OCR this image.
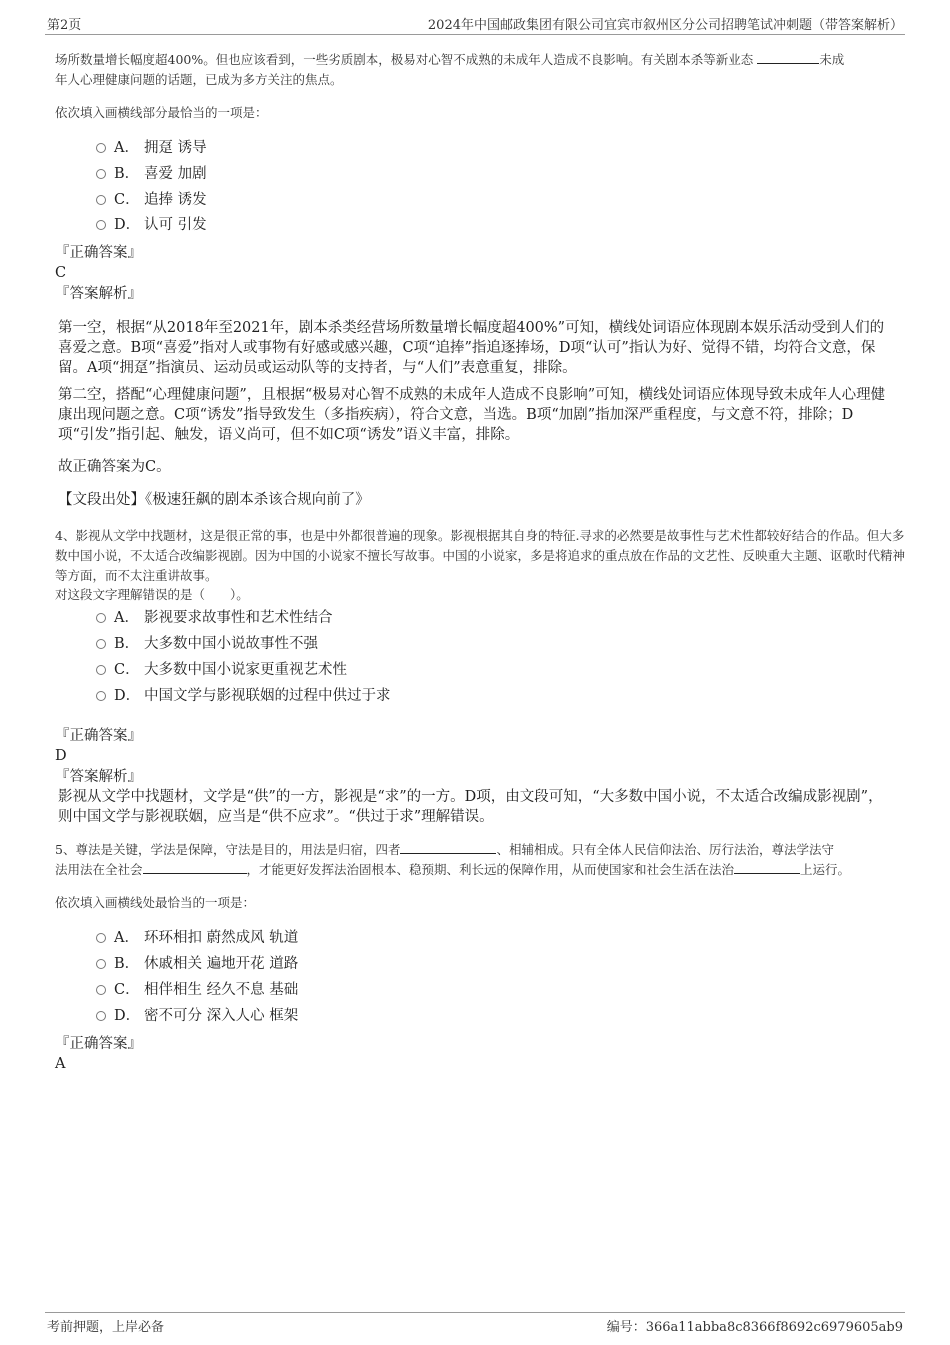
第2页	2024年中国邮政集团有限公司宜宾市叙州区分公司招聘笔试冲刺题（带答案解析）
场所数量增长幅度超400%。但也应该看到，一些劣质剧本，极易对心智不成熟的未成年人造成不良影响。有关剧本杀等新业态	未成
年人心理健康问题的话题，已成为多方关注的焦点。
依次填入画横线部分最恰当的一项是：
A． 拥趸 诱导
B． 喜爱 加剧
C． 追捧 诱发
D． 认可 引发
『正确答案』
C
『答案解析』
第一空，根据“从2018年至2021年，剧本杀类经营场所数量增长幅度超400%”可知，横线处词语应体现剧本娱乐活动受到人们的喜爱之意。B项“喜爱”指对人或事物有好感或感兴趣，C项“追捧”指追逐捧场，D项“认可”指认为好、觉得不错，均符合文意，保留。A项“拥趸”指演员、运动员或运动队等的支持者，与“人们”表意重复，排除。
第二空，搭配“心理健康问题”，且根据“极易对心智不成熟的未成年人造成不良影响”可知，横线处词语应体现导致未成年人心理健康出现问题之意。C项“诱发”指导致发生（多指疾病），符合文意，当选。B项“加剧”指加深严重程度，与文意不符，排除；D项“引发”指引起、触发，语义尚可，但不如C项“诱发”语义丰富，排除。
故正确答案为C。
【文段出处】《极速狂飙的剧本杀该合规向前了》
4、影视从文学中找题材，这是很正常的事，也是中外都很普遍的现象。影视根据其自身的特征.寻求的必然要是故事性与艺术性都较好结合的作品。但大多数中国小说，不太适合改编影视剧。因为中国的小说家不擅长写故事。中国的小说家，多是将追求的重点放在作品的文艺性、反映重大主题、讴歌时代精神等方面，而不太注重讲故事。
对这段文字理解错误的是（　　）。
A． 影视要求故事性和艺术性结合
B． 大多数中国小说故事性不强
C． 大多数中国小说家更重视艺术性
D． 中国文学与影视联姻的过程中供过于求
『正确答案』
D
『答案解析』
影视从文学中找题材，文学是“供”的一方，影视是“求”的一方。D项，由文段可知，“大多数中国小说，不太适合改编成影视剧”，则中国文学与影视联姻，应当是“供不应求”。“供过于求”理解错误。
5、尊法是关键，学法是保障，守法是目的，用法是归宿，四者	、相辅相成。只有全体人民信仰法治、厉行法治，尊法学法守
法用法在全社会	，才能更好发挥法治固根本、稳预期、利长远的保障作用，从而使国家和社会生活在法治	上运行。
依次填入画横线处最恰当的一项是：
A． 环环相扣 蔚然成风 轨道
B． 休戚相关 遍地开花 道路
C． 相伴相生 经久不息 基础
D． 密不可分 深入人心 框架
『正确答案』
A
考前押题，上岸必备	编号：366a11abba8c8366f8692c6979605ab9
